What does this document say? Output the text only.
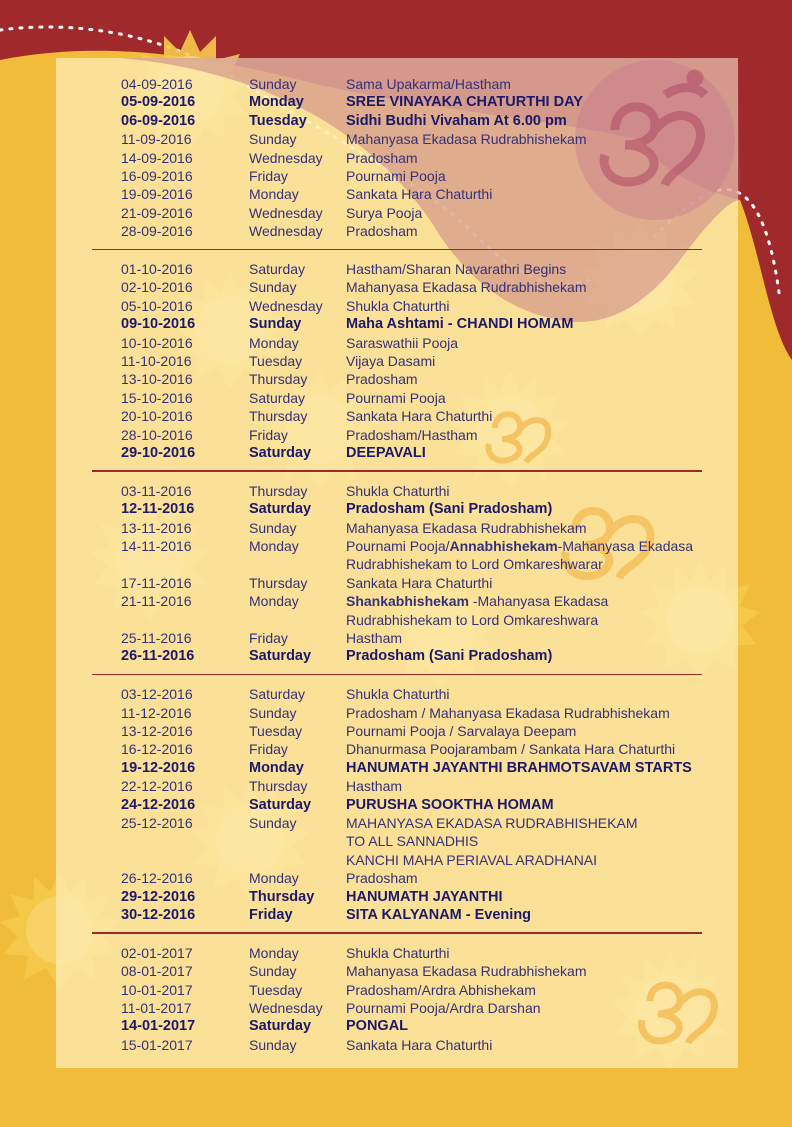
04-09-2016	Sunday	Sama Upakarma/Hastham
05-09-2016	Monday	SREE VINAYAKA CHATURTHI DAY
06-09-2016	Tuesday	Sidhi Budhi Vivaham At 6.00 pm
11-09-2016	Sunday	Mahanyasa Ekadasa Rudrabhishekam
14-09-2016	Wednesday	Pradosham
16-09-2016	Friday	Pournami Pooja
19-09-2016	Monday	Sankata Hara Chaturthi
21-09-2016	Wednesday	Surya Pooja
28-09-2016	Wednesday	Pradosham
01-10-2016	Saturday	Hastham/Sharan Navarathri Begins
02-10-2016	Sunday	Mahanyasa Ekadasa Rudrabhishekam
05-10-2016	Wednesday	Shukla Chaturthi
09-10-2016	Sunday	Maha Ashtami - CHANDI HOMAM
10-10-2016	Monday	Saraswathii Pooja
11-10-2016	Tuesday	Vijaya Dasami
13-10-2016	Thursday	Pradosham
15-10-2016	Saturday	Pournami Pooja
20-10-2016	Thursday	Sankata Hara Chaturthi
28-10-2016	Friday	Pradosham/Hastham
29-10-2016	Saturday	DEEPAVALI
03-11-2016	Thursday	Shukla Chaturthi
12-11-2016	Saturday	Pradosham (Sani Pradosham)
13-11-2016	Sunday	Mahanyasa Ekadasa Rudrabhishekam
14-11-2016	Monday	Pournami Pooja/Annabhishekam-Mahanyasa Ekadasa
Rudrabhishekam to Lord Omkareshwarar
17-11-2016	Thursday	Sankata Hara Chaturthi
21-11-2016	Monday	Shankabhishekam -Mahanyasa Ekadasa
Rudrabhishekam to Lord Omkareshwara
25-11-2016	Friday	Hastham
26-11-2016	Saturday	Pradosham (Sani Pradosham)
03-12-2016	Saturday	Shukla Chaturthi
11-12-2016	Sunday	Pradosham / Mahanyasa Ekadasa Rudrabhishekam
13-12-2016	Tuesday	Pournami Pooja / Sarvalaya Deepam
16-12-2016	Friday	Dhanurmasa Poojarambam / Sankata Hara Chaturthi
19-12-2016	Monday	HANUMATH JAYANTHI BRAHMOTSAVAM STARTS
22-12-2016	Thursday	Hastham
24-12-2016	Saturday	PURUSHA SOOKTHA HOMAM
25-12-2016	Sunday	MAHANYASA EKADASA RUDRABHISHEKAM
TO ALL SANNADHIS
KANCHI MAHA PERIAVAL ARADHANAI
26-12-2016	Monday	Pradosham
29-12-2016	Thursday	HANUMATH JAYANTHI
30-12-2016	Friday	SITA KALYANAM - Evening
02-01-2017	Monday	Shukla Chaturthi
08-01-2017	Sunday	Mahanyasa Ekadasa Rudrabhishekam
10-01-2017	Tuesday	Pradosham/Ardra Abhishekam
11-01-2017	Wednesday	Pournami Pooja/Ardra Darshan
14-01-2017	Saturday	PONGAL
15-01-2017	Sunday	Sankata Hara Chaturthi
